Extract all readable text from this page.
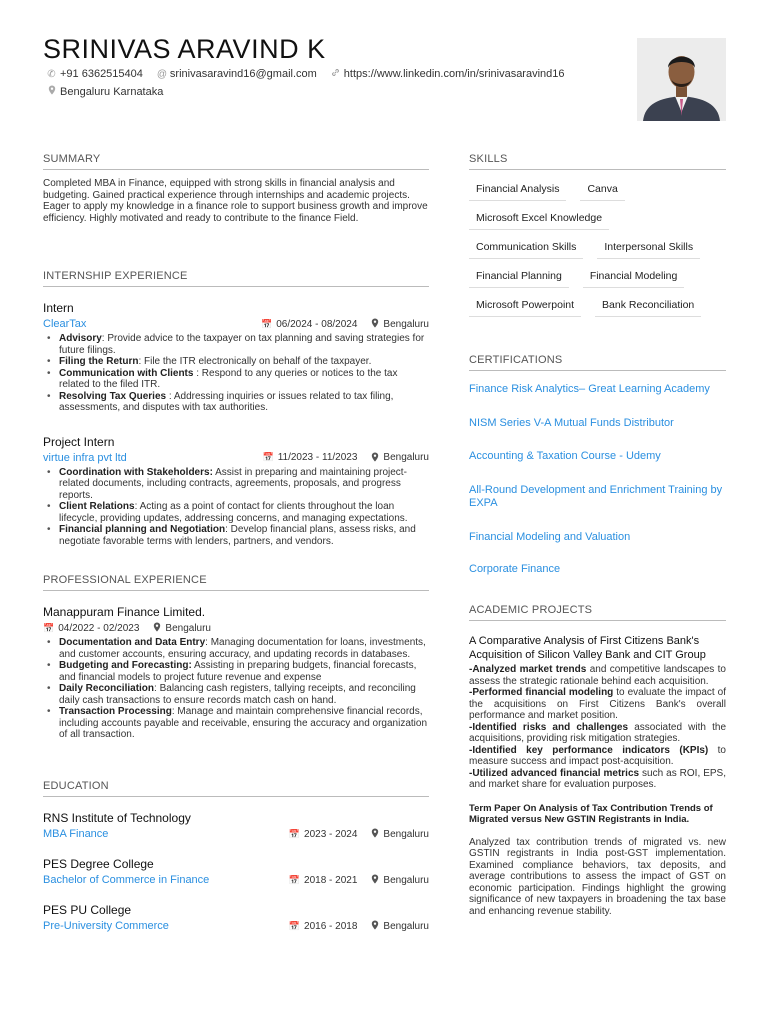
SRINIVAS ARAVIND K
✆ +91 6362515404 @ srinivasaravind16@gmail.com https://www.linkedin.com/in/srinivasaravind16
Bengaluru Karnataka
SUMMARY
Completed MBA in Finance, equipped with strong skills in financial analysis and budgeting. Gained practical experience through internships and academic projects. Eager to apply my knowledge in a finance role to support business growth and improve efficiency. Highly motivated and ready to contribute to the finance Field.
INTERNSHIP EXPERIENCE
Intern
ClearTax	📅 06/2024 - 08/2024	Bengaluru
• Advisory: Provide advice to the taxpayer on tax planning and saving strategies for future filings.
• Filing the Return: File the ITR electronically on behalf of the taxpayer.
• Communication with Clients : Respond to any queries or notices to the tax related to the filed ITR.
• Resolving Tax Queries : Addressing inquiries or issues related to tax filing, assessments, and disputes with tax authorities.
Project Intern
virtue infra pvt ltd	📅 11/2023 - 11/2023	Bengaluru
• Coordination with Stakeholders: Assist in preparing and maintaining project-related documents, including contracts, agreements, proposals, and progress reports.
• Client Relations: Acting as a point of contact for clients throughout the loan lifecycle, providing updates, addressing concerns, and managing expectations.
• Financial planning and Negotiation: Develop financial plans, assess risks, and negotiate favorable terms with lenders, partners, and vendors.
PROFESSIONAL EXPERIENCE
Manappuram Finance Limited.
📅 04/2022 - 02/2023	Bengaluru
• Documentation and Data Entry: Managing documentation for loans, investments, and customer accounts, ensuring accuracy, and updating records in databases.
• Budgeting and Forecasting: Assisting in preparing budgets, financial forecasts, and financial models to project future revenue and expense
• Daily Reconciliation: Balancing cash registers, tallying receipts, and reconciling daily cash transactions to ensure records match cash on hand.
• Transaction Processing: Manage and maintain comprehensive financial records, including accounts payable and receivable, ensuring the accuracy and organization of all transaction.
EDUCATION
RNS Institute of Technology
MBA Finance	📅 2023 - 2024	Bengaluru
PES Degree College
Bachelor of Commerce in Finance	📅 2018 - 2021	Bengaluru
PES PU College
Pre-University Commerce	📅 2016 - 2018	Bengaluru
SKILLS
Financial Analysis	Canva
Microsoft Excel Knowledge
Communication Skills	Interpersonal Skills
Financial Planning	Financial Modeling
Microsoft Powerpoint	Bank Reconciliation
CERTIFICATIONS
Finance Risk Analytics– Great Learning Academy
NISM Series V-A Mutual Funds Distributor
Accounting & Taxation Course - Udemy
All-Round Development and Enrichment Training by EXPA
Financial Modeling and Valuation
Corporate Finance
ACADEMIC PROJECTS
A Comparative Analysis of First Citizens Bank's Acquisition of Silicon Valley Bank and CIT Group
-Analyzed market trends and competitive landscapes to assess the strategic rationale behind each acquisition.
-Performed financial modeling to evaluate the impact of the acquisitions on First Citizens Bank's overall performance and market position.
-Identified risks and challenges associated with the acquisitions, providing risk mitigation strategies.
-Identified key performance indicators (KPIs) to measure success and impact post-acquisition.
-Utilized advanced financial metrics such as ROI, EPS, and market share for evaluation purposes.
Term Paper On Analysis of Tax Contribution Trends of Migrated versus New GSTIN Registrants in India.
Analyzed tax contribution trends of migrated vs. new GSTIN registrants in India post-GST implementation. Examined compliance behaviors, tax deposits, and average contributions to assess the impact of GST on economic participation. Findings highlight the growing significance of new taxpayers in broadening the tax base and enhancing revenue stability.
